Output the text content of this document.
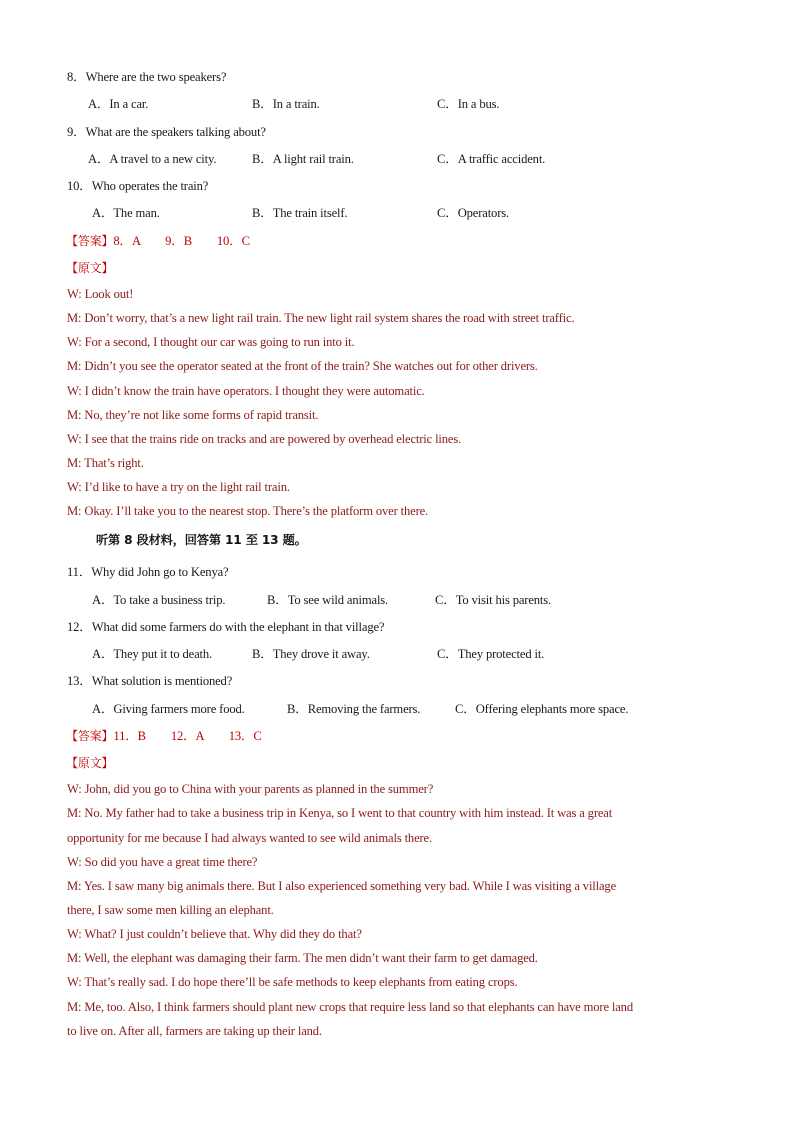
8．Where are the two speakers?
A．In a car.	B．In a train.	C．In a bus.
9．What are the speakers talking about?
A．A travel to a new city.	B．A light rail train.	C．A traffic accident.
10．Who operates the train?
A．The man.	B．The train itself.	C．Operators.
【答案】8．A　　9．B　　10．C
【原文】
W: Look out!
M: Don’t worry, that’s a new light rail train. The new light rail system shares the road with street traffic.
W: For a second, I thought our car was going to run into it.
M: Didn’t you see the operator seated at the front of the train? She watches out for other drivers.
W: I didn’t know the train have operators. I thought they were automatic.
M: No, they’re not like some forms of rapid transit.
W: I see that the trains ride on tracks and are powered by overhead electric lines.
M: That’s right.
W: I’d like to have a try on the light rail train.
M: Okay. I’ll take you to the nearest stop. There’s the platform over there.
听第 8 段材料，回答第 11 至 13 题。
11．Why did John go to Kenya?
A．To take a business trip.	B．To see wild animals.	C．To visit his parents.
12．What did some farmers do with the elephant in that village?
A．They put it to death.	B．They drove it away.	C．They protected it.
13．What solution is mentioned?
A．Giving farmers more food.	B．Removing the farmers.	C．Offering elephants more space.
【答案】11．B　　12．A　　13．C
【原文】
W: John, did you go to China with your parents as planned in the summer?
M: No. My father had to take a business trip in Kenya, so I went to that country with him instead. It was a great
opportunity for me because I had always wanted to see wild animals there.
W: So did you have a great time there?
M: Yes. I saw many big animals there. But I also experienced something very bad. While I was visiting a village
there, I saw some men killing an elephant.
W: What? I just couldn’t believe that. Why did they do that?
M: Well, the elephant was damaging their farm. The men didn’t want their farm to get damaged.
W: That’s really sad. I do hope there’ll be safe methods to keep elephants from eating crops.
M: Me, too. Also, I think farmers should plant new crops that require less land so that elephants can have more land
to live on. After all, farmers are taking up their land.
